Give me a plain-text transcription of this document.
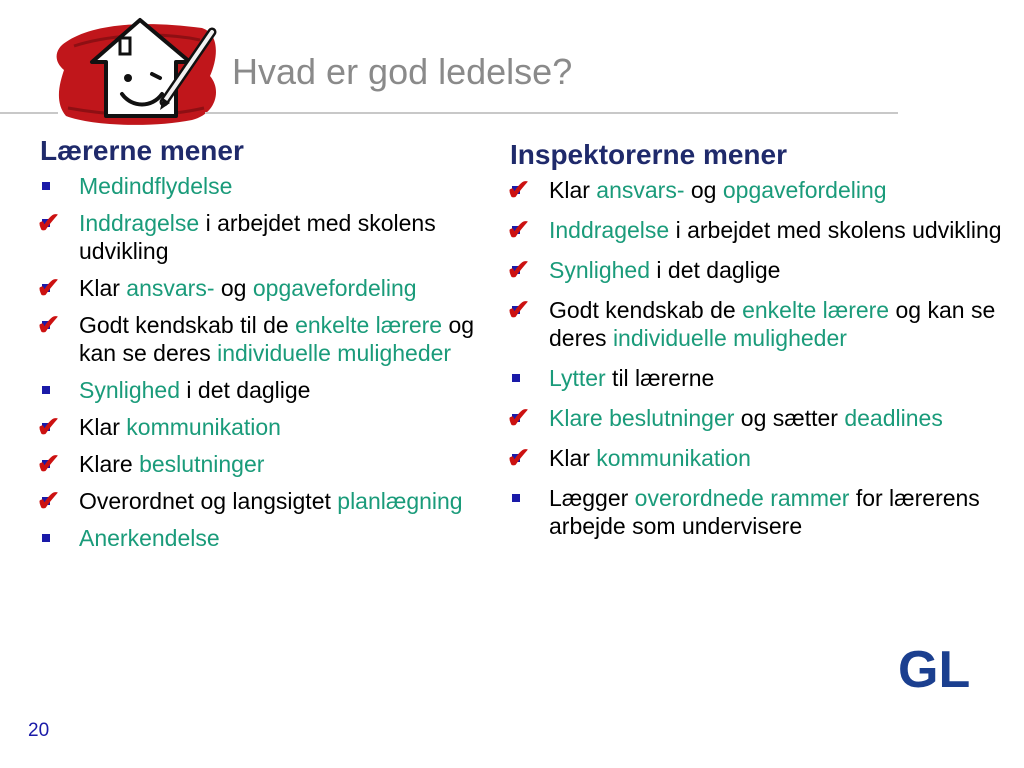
Hvad er god ledelse?
Lærerne mener
Medindflydelse
Inddragelse i arbejdet med skolens udvikling
✔
Klar ansvars- og opgavefordeling
✔
Godt kendskab til de enkelte lærere og kan se deres individuelle muligheder
✔
Synlighed i det daglige
Klar kommunikation
✔
Klare beslutninger
✔
Overordnet og langsigtet planlægning
✔
Anerkendelse
Inspektorerne mener
Klar ansvars- og opgavefordeling
✔
Inddragelse i arbejdet med skolens udvikling
✔
Synlighed i det daglige
✔
Godt kendskab de enkelte lærere og kan se deres individuelle muligheder
✔
Lytter til lærerne
Klare beslutninger og sætter deadlines
✔
Klar kommunikation
✔
Lægger overordnede rammer for lærerens arbejde som undervisere
GL
20
